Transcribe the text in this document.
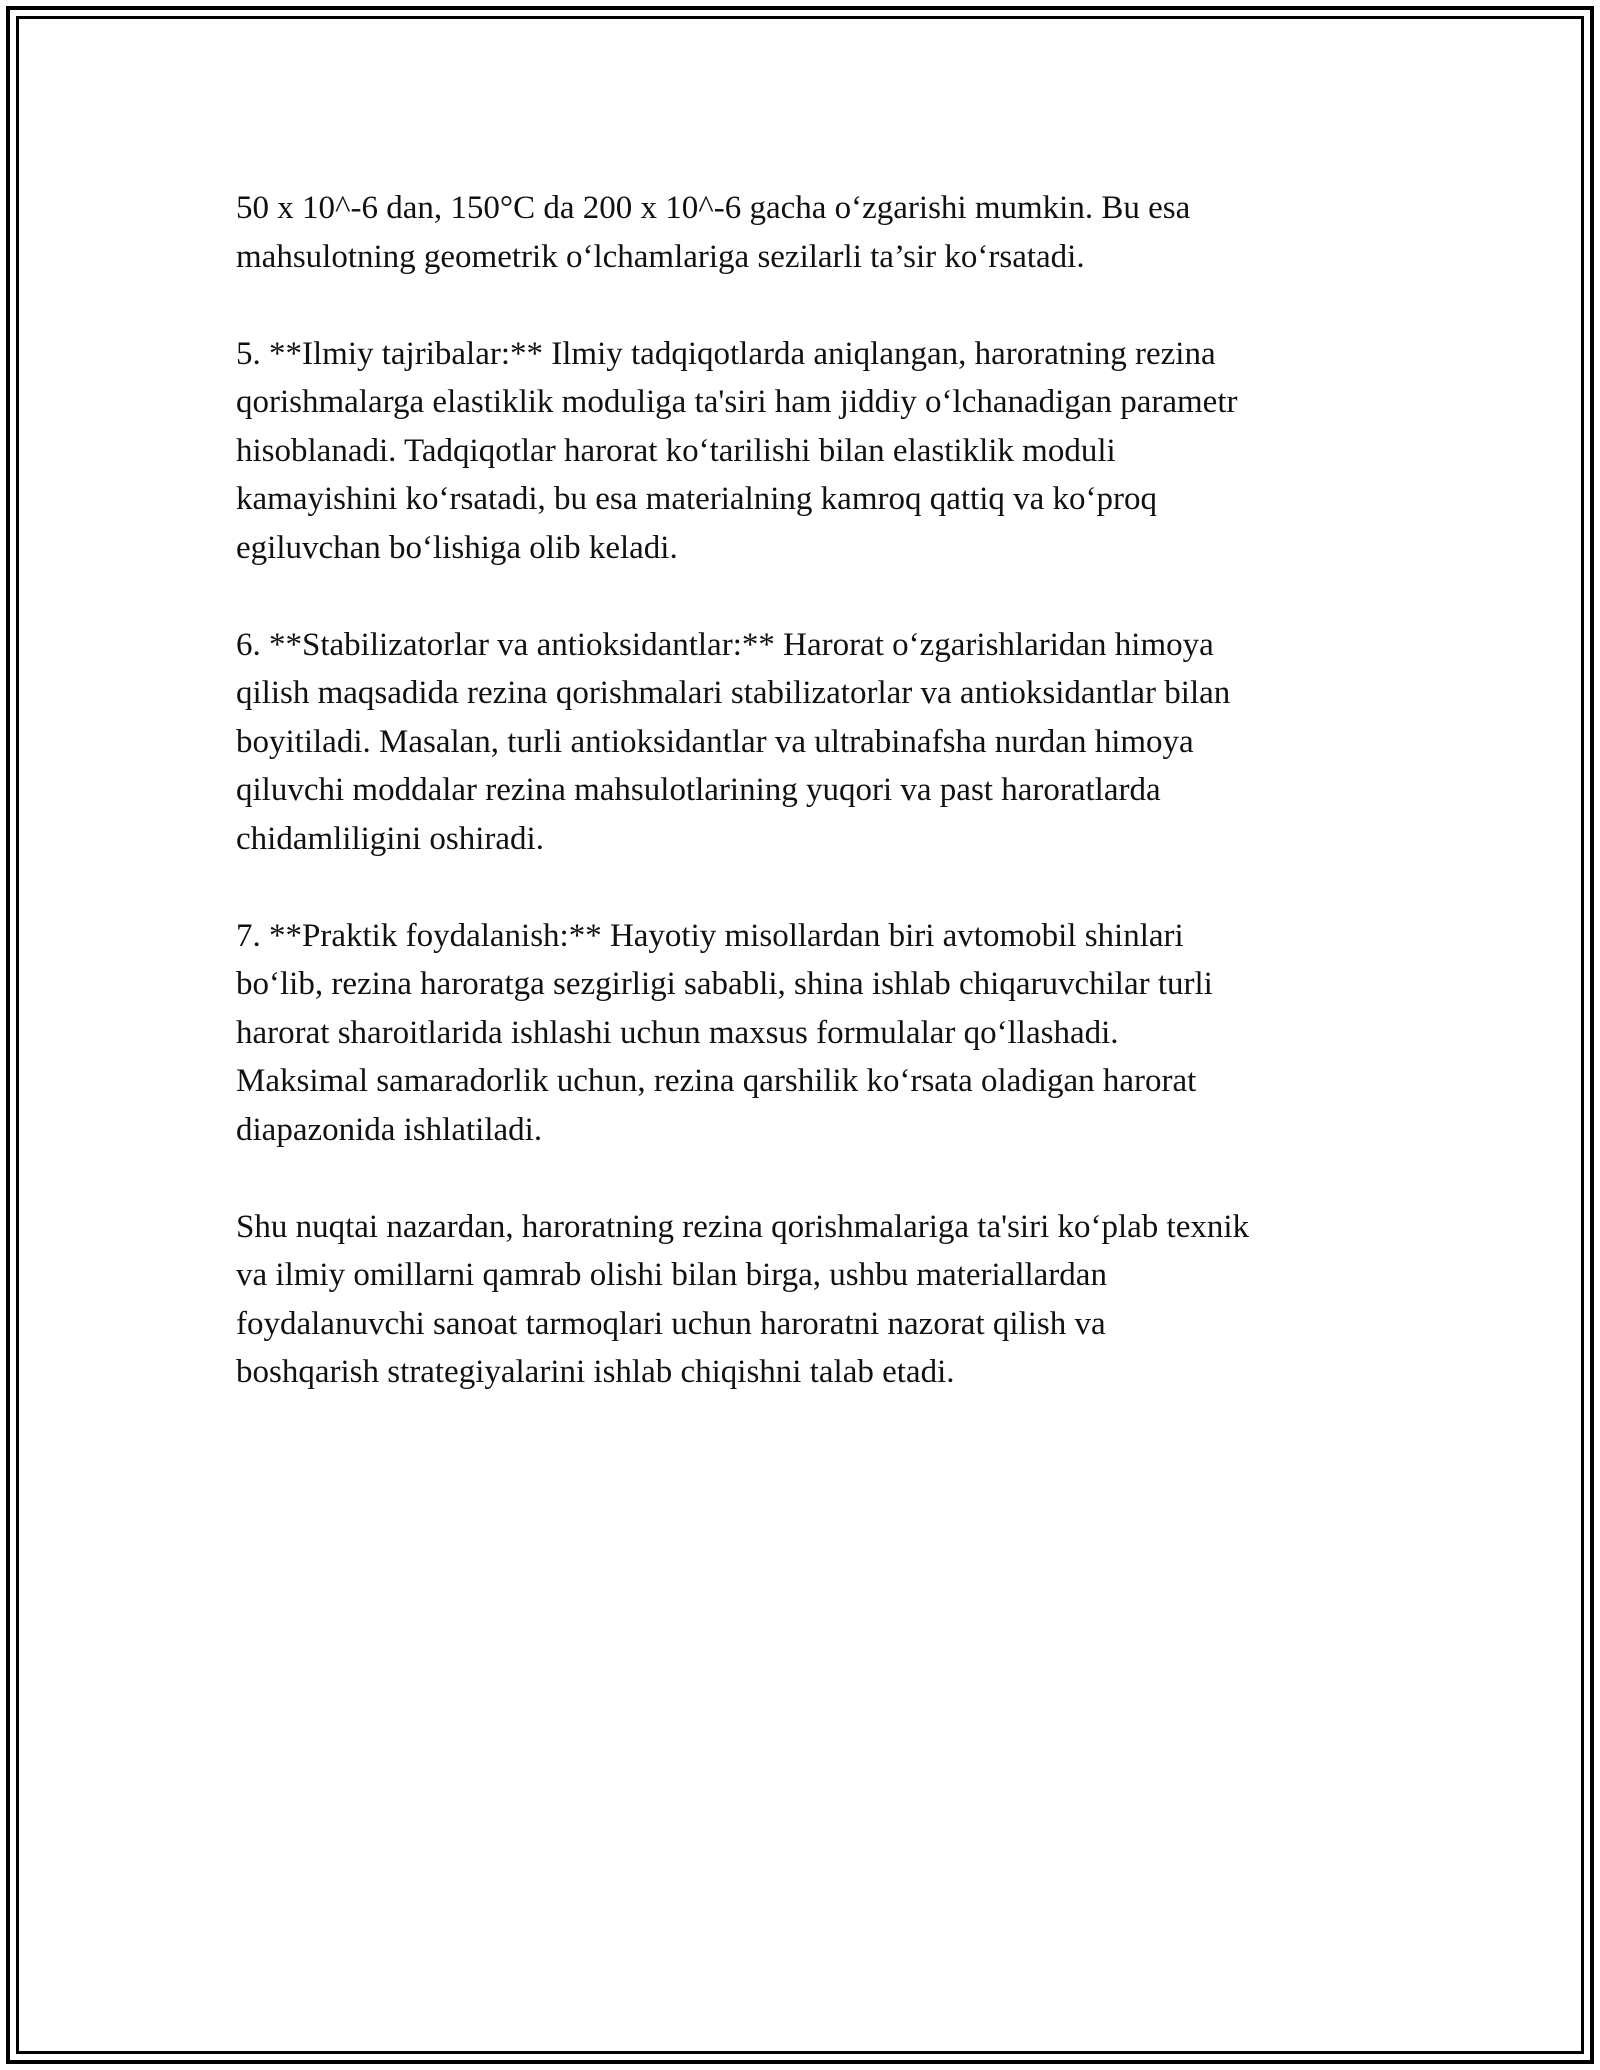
50 x 10^-6 dan, 150°C da 200 x 10^-6 gacha o‘zgarishi mumkin. Bu esa
mahsulotning geometrik o‘lchamlariga sezilarli ta’sir ko‘rsatadi.

5. **Ilmiy tajribalar:** Ilmiy tadqiqotlarda aniqlangan, haroratning rezina
qorishmalarga elastiklik moduliga ta'siri ham jiddiy o‘lchanadigan parametr
hisoblanadi. Tadqiqotlar harorat ko‘tarilishi bilan elastiklik moduli
kamayishini ko‘rsatadi, bu esa materialning kamroq qattiq va ko‘proq
egiluvchan bo‘lishiga olib keladi.

6. **Stabilizatorlar va antioksidantlar:** Harorat o‘zgarishlaridan himoya
qilish maqsadida rezina qorishmalari stabilizatorlar va antioksidantlar bilan
boyitiladi. Masalan, turli antioksidantlar va ultrabinafsha nurdan himoya
qiluvchi moddalar rezina mahsulotlarining yuqori va past haroratlarda
chidamliligini oshiradi.

7. **Praktik foydalanish:** Hayotiy misollardan biri avtomobil shinlari
bo‘lib, rezina haroratga sezgirligi sababli, shina ishlab chiqaruvchilar turli
harorat sharoitlarida ishlashi uchun maxsus formulalar qo‘llashadi.
Maksimal samaradorlik uchun, rezina qarshilik ko‘rsata oladigan harorat
diapazonida ishlatiladi.

Shu nuqtai nazardan, haroratning rezina qorishmalariga ta'siri ko‘plab texnik
va ilmiy omillarni qamrab olishi bilan birga, ushbu materiallardan
foydalanuvchi sanoat tarmoqlari uchun haroratni nazorat qilish va
boshqarish strategiyalarini ishlab chiqishni talab etadi.
